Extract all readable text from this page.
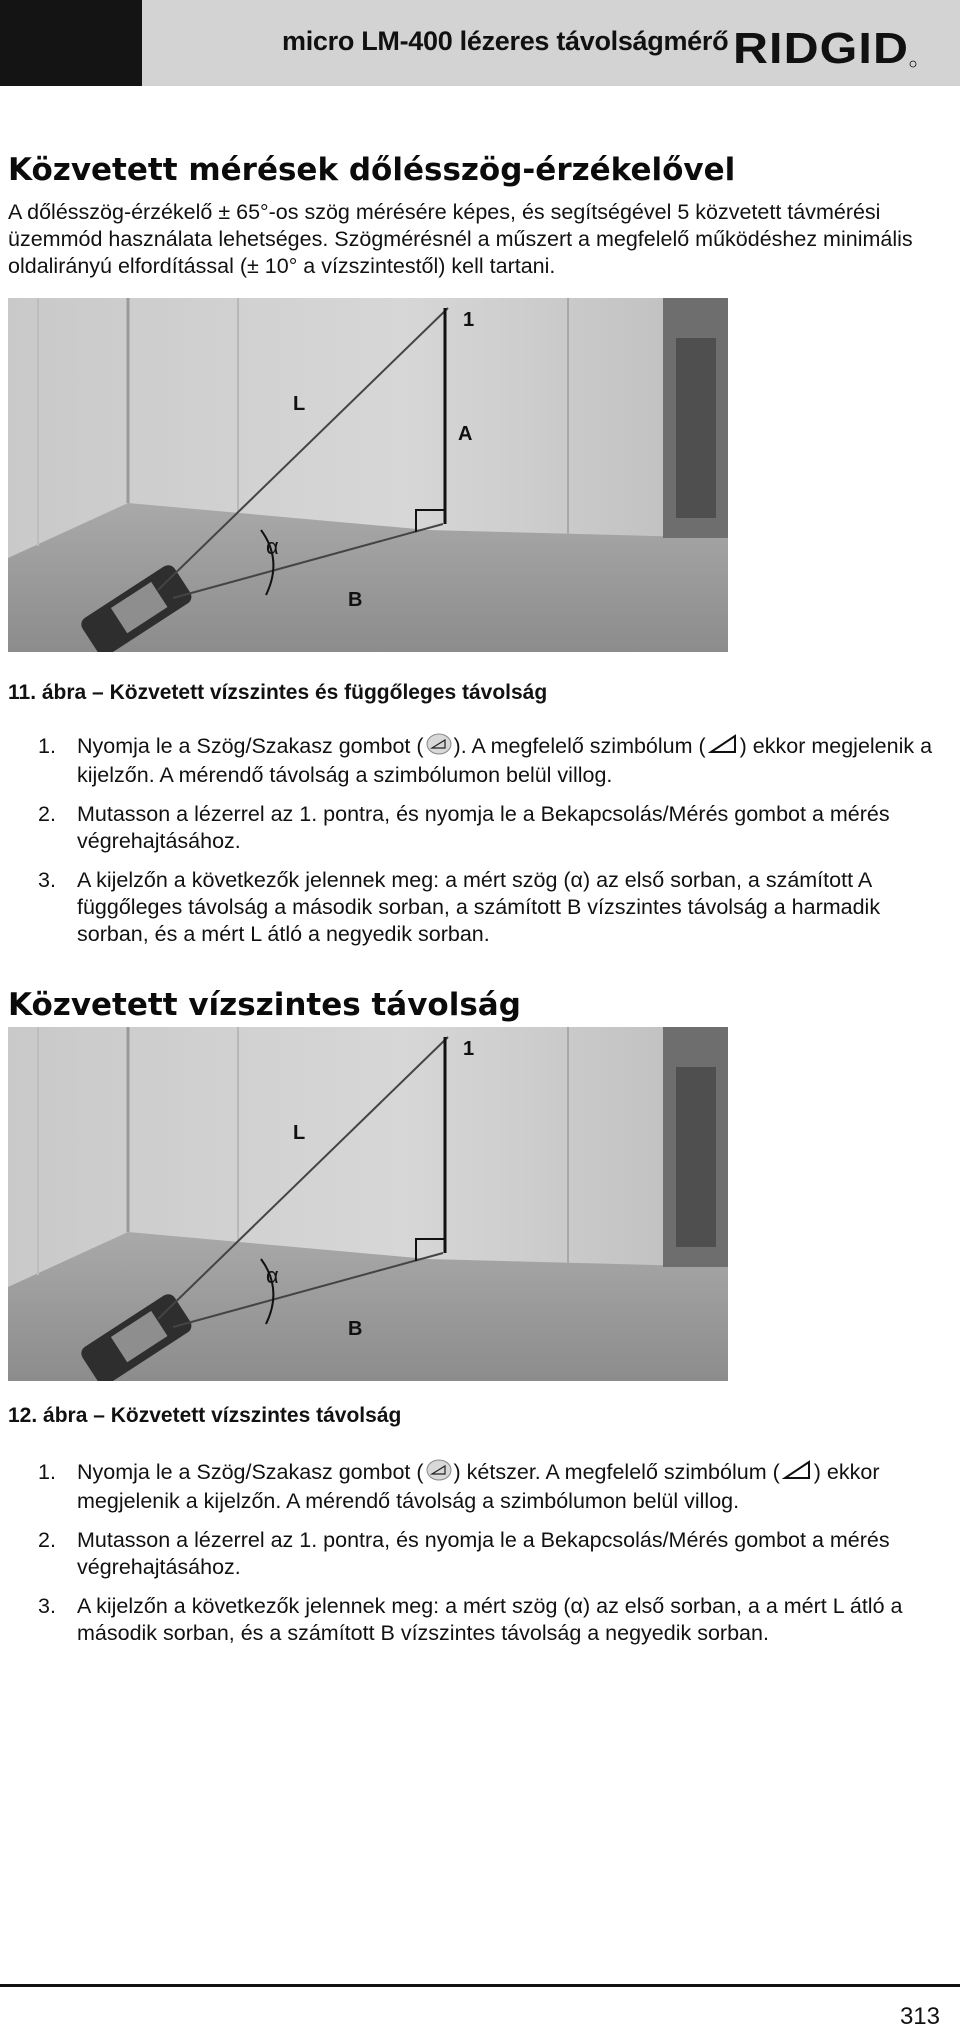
micro LM-400 lézeres távolságmérő RIDGID
Közvetett mérések dőlésszög-érzékelővel

A dőlésszög-érzékelő ± 65°-os szög mérésére képes, és segítségével 5 közvetett távmérési üzemmód használata lehetséges. Szögmérésnél a műszert a megfelelő működéshez minimális oldalirányú elfordítással (± 10° a vízszintestől) kell tartani.

1
L
A
α
B

11. ábra – Közvetett vízszintes és függőleges távolság

1. Nyomja le a Szög/Szakasz gombot ( ). A megfelelő szimbólum ( ) ekkor megjelenik a kijelzőn. A mérendő távolság a szimbólumon belül villog.
2. Mutasson a lézerrel az 1. pontra, és nyomja le a Bekapcsolás/Mérés gombot a mérés végrehajtásához.
3. A kijelzőn a következők jelennek meg: a mért szög (α) az első sorban, a számított A függőleges távolság a második sorban, a számított B vízszintes távolság a harmadik sorban, és a mért L átló a negyedik sorban.
Közvetett vízszintes távolság
1
L
α
B

12. ábra – Közvetett vízszintes távolság

1. Nyomja le a Szög/Szakasz gombot ( ) kétszer. A megfelelő szimbólum ( ) ekkor megjelenik a kijelzőn. A mérendő távolság a szimbólumon belül villog.
2. Mutasson a lézerrel az 1. pontra, és nyomja le a Bekapcsolás/Mérés gombot a mérés végrehajtásához.
3. A kijelzőn a következők jelennek meg: a mért szög (α) az első sorban, a a mért L átló a második sorban, és a számított B vízszintes távolság a negyedik sorban.
313
